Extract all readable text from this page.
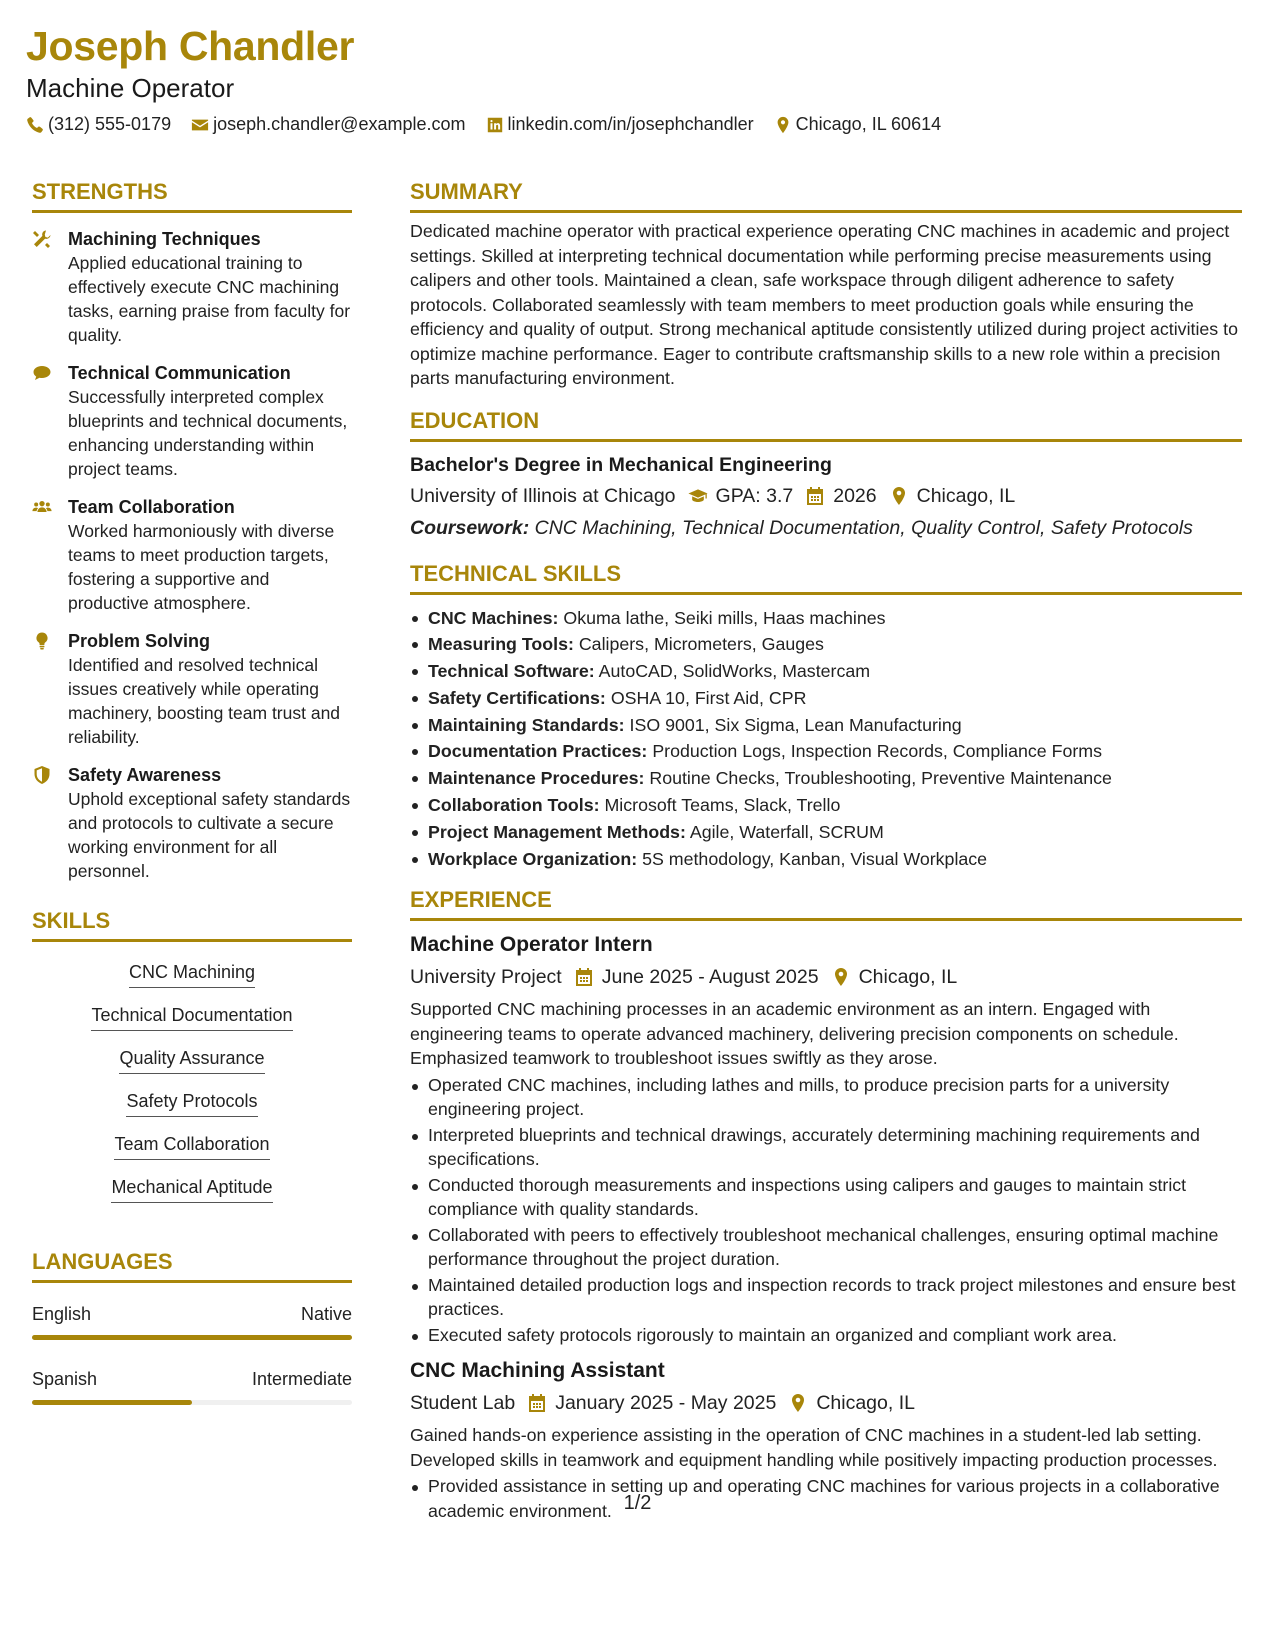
Joseph Chandler
Machine Operator
(312) 555-0179 joseph.chandler@example.com linkedin.com/in/josephchandler Chicago, IL 60614
STRENGTHS
Machining Techniques
Applied educational training to effectively execute CNC machining tasks, earning praise from faculty for quality.
Technical Communication
Successfully interpreted complex blueprints and technical documents, enhancing understanding within project teams.
Team Collaboration
Worked harmoniously with diverse teams to meet production targets, fostering a supportive and productive atmosphere.
Problem Solving
Identified and resolved technical issues creatively while operating machinery, boosting team trust and reliability.
Safety Awareness
Uphold exceptional safety standards and protocols to cultivate a secure working environment for all personnel.
SKILLS
CNC Machining
Technical Documentation
Quality Assurance
Safety Protocols
Team Collaboration
Mechanical Aptitude
LANGUAGES
English	Native
Spanish	Intermediate
SUMMARY
Dedicated machine operator with practical experience operating CNC machines in academic and project settings. Skilled at interpreting technical documentation while performing precise measurements using calipers and other tools. Maintained a clean, safe workspace through diligent adherence to safety protocols. Collaborated seamlessly with team members to meet production goals while ensuring the efficiency and quality of output. Strong mechanical aptitude consistently utilized during project activities to optimize machine performance. Eager to contribute craftsmanship skills to a new role within a precision parts manufacturing environment.
EDUCATION
Bachelor's Degree in Mechanical Engineering
University of Illinois at Chicago GPA: 3.7 2026 Chicago, IL
Coursework: CNC Machining, Technical Documentation, Quality Control, Safety Protocols
TECHNICAL SKILLS
CNC Machines: Okuma lathe, Seiki mills, Haas machines
Measuring Tools: Calipers, Micrometers, Gauges
Technical Software: AutoCAD, SolidWorks, Mastercam
Safety Certifications: OSHA 10, First Aid, CPR
Maintaining Standards: ISO 9001, Six Sigma, Lean Manufacturing
Documentation Practices: Production Logs, Inspection Records, Compliance Forms
Maintenance Procedures: Routine Checks, Troubleshooting, Preventive Maintenance
Collaboration Tools: Microsoft Teams, Slack, Trello
Project Management Methods: Agile, Waterfall, SCRUM
Workplace Organization: 5S methodology, Kanban, Visual Workplace
EXPERIENCE
Machine Operator Intern
University Project June 2025 - August 2025 Chicago, IL
Supported CNC machining processes in an academic environment as an intern. Engaged with engineering teams to operate advanced machinery, delivering precision components on schedule. Emphasized teamwork to troubleshoot issues swiftly as they arose.
Operated CNC machines, including lathes and mills, to produce precision parts for a university engineering project.
Interpreted blueprints and technical drawings, accurately determining machining requirements and specifications.
Conducted thorough measurements and inspections using calipers and gauges to maintain strict compliance with quality standards.
Collaborated with peers to effectively troubleshoot mechanical challenges, ensuring optimal machine performance throughout the project duration.
Maintained detailed production logs and inspection records to track project milestones and ensure best practices.
Executed safety protocols rigorously to maintain an organized and compliant work area.
CNC Machining Assistant
Student Lab January 2025 - May 2025 Chicago, IL
Gained hands-on experience assisting in the operation of CNC machines in a student-led lab setting. Developed skills in teamwork and equipment handling while positively impacting production processes.
Provided assistance in setting up and operating CNC machines for various projects in a collaborative academic environment. 1/2
